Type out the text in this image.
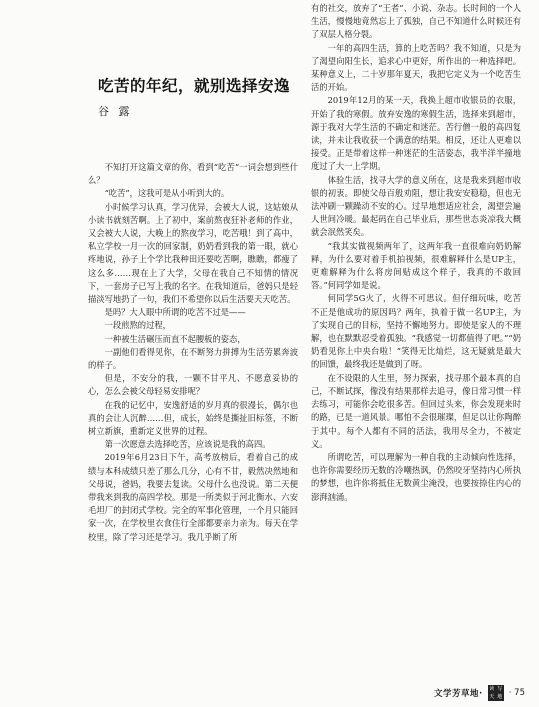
吃苦的年纪，就别选择安逸
谷 露

不知打开这篇文章的你，看到“吃苦”一词会想到些什么？

“吃苦”，这我可是从小听到大的。

小时候学习认真，学习优异，会被大人说，这姑娘从小读书就刻苦啊。上了初中，案前熬夜狂补老师的作业，又会被大人说，大晚上的熬夜学习，吃苦哦！到了高中，私立学校一月一次的回家制，奶奶看到我的第一眼，就心疼地说，孙子上个学比我种田还要吃苦啊，瞧瞧，都瘦了这么多……现在上了大学，父母在我自己不知情的情况下，一套房子已写上我的名字。在我知道后，爸妈只是轻描淡写地扔了一句，我们不希望你以后生活要天天吃苦。

是吗？大人眼中所谓的吃苦不过是——

一段煎熬的过程，

一种被生活碾压而直不起腰板的姿态，

一副他们看得见你，在不断努力拼搏为生活劳累奔波的样子。

但是，不安分的我，一颗不甘平凡、不愿意妥协的心，怎么会被父母轻易安排呢？

在我的记忆中，安逸舒适的岁月真的很漫长，偶尔也真的会让人沉醉……但，成长，始终是撕扯旧标签，不断树立新旗，重新定义世界的过程。

第一次愿意去选择吃苦，应该说是我的高四。

2019年6月23日下午，高考放榜后，看着自己的成绩与本科成绩只差了那么几分，心有不甘，毅然决然地和父母说，爸妈，我要去复读。父母什么也没说。第二天便带我来到我的高四学校。那是一所类似于河北衡水、六安毛坦厂的封闭式学校。完全的军事化管理，一个月只能回家一次，在学校里衣食住行全部都要亲力亲为。每天在学校里，除了学习还是学习。我几乎断了所

有的社交，放弃了“王者”、小说、杂志。长时间的一个人生活，慢慢地竟然忘上了孤独，自己不知道什么时候还有了双层人格分裂。

一年的高四生活，算的上吃苦吗？我不知道，只是为了渴望向阳生长，追求心中更好，所作出的一种选择吧。某种意义上，二十岁那年夏天，我把它定义为一个吃苦生活的开始。

2019年12月的某一天，我换上超市收银员的衣服，开始了我的寒假。放弃安逸的寒假生活，选择来到超市，源于我对大学生活的不确定和迷茫。苦行僧一般的高四复读，并未让我收获一个满意的结果。相反，还让人更难以接受。正是带着这样一种迷茫的生活姿态，我半洋半撞地度过了大一上学期。

体验生活，找寻大学的意义所在，这是我来到超市收银的初衷。即使父母百般劝阻，想让我安安稳稳，但也无法冲刷一颗躁动不安的心。过早地想适应社会，渴望尝遍人世间冷暖。最起码在自己毕业后，那些世态炎凉我大概就会泯然笑矣。

“我其实做视频两年了，这两年我一直很难向奶奶解释，为什么要对着手机拍视频，很难解释什么是UP主，更难解释为什么将房间贴成这个样子，我真的不敢回答。”何同学如是说。

何同学5G火了，火得不可思议。但仔细玩味，吃苦不正是他成功的原因吗？两年，执着于做一名UP主，为了实现自己的目标，坚持不懈地努力。即使是家人的不理解，也在默默忍受着孤独。“我感觉一切都值得了吧。”“奶奶看见你上中央台啦！”笑得无比灿烂，这无疑就是最大的回馈，最终我还是做到了呀。

在不设限的人生里，努力探索，找寻那个最本真的自己，不断试探，像没有结果那样去追寻，像日常习惯一样去练习，可能你会吃很多苦。但回过头来，你会发现来时的路，已是一道风景。哪怕不会很璀璨，但足以让你陶醉于其中。每个人都有不同的活法，我用尽全力，不被定义。

所谓吃苦，可以理解为一种自我的主动倾向性选择，也许你需要经历无数的冷嘲热讽，仍然咬牙坚持内心所执的梦想，也许你将抵住无数黄尘淹没，也要按捺住内心的澎湃汹涌。

文学芳草地· 读 写
天 地 · 75
